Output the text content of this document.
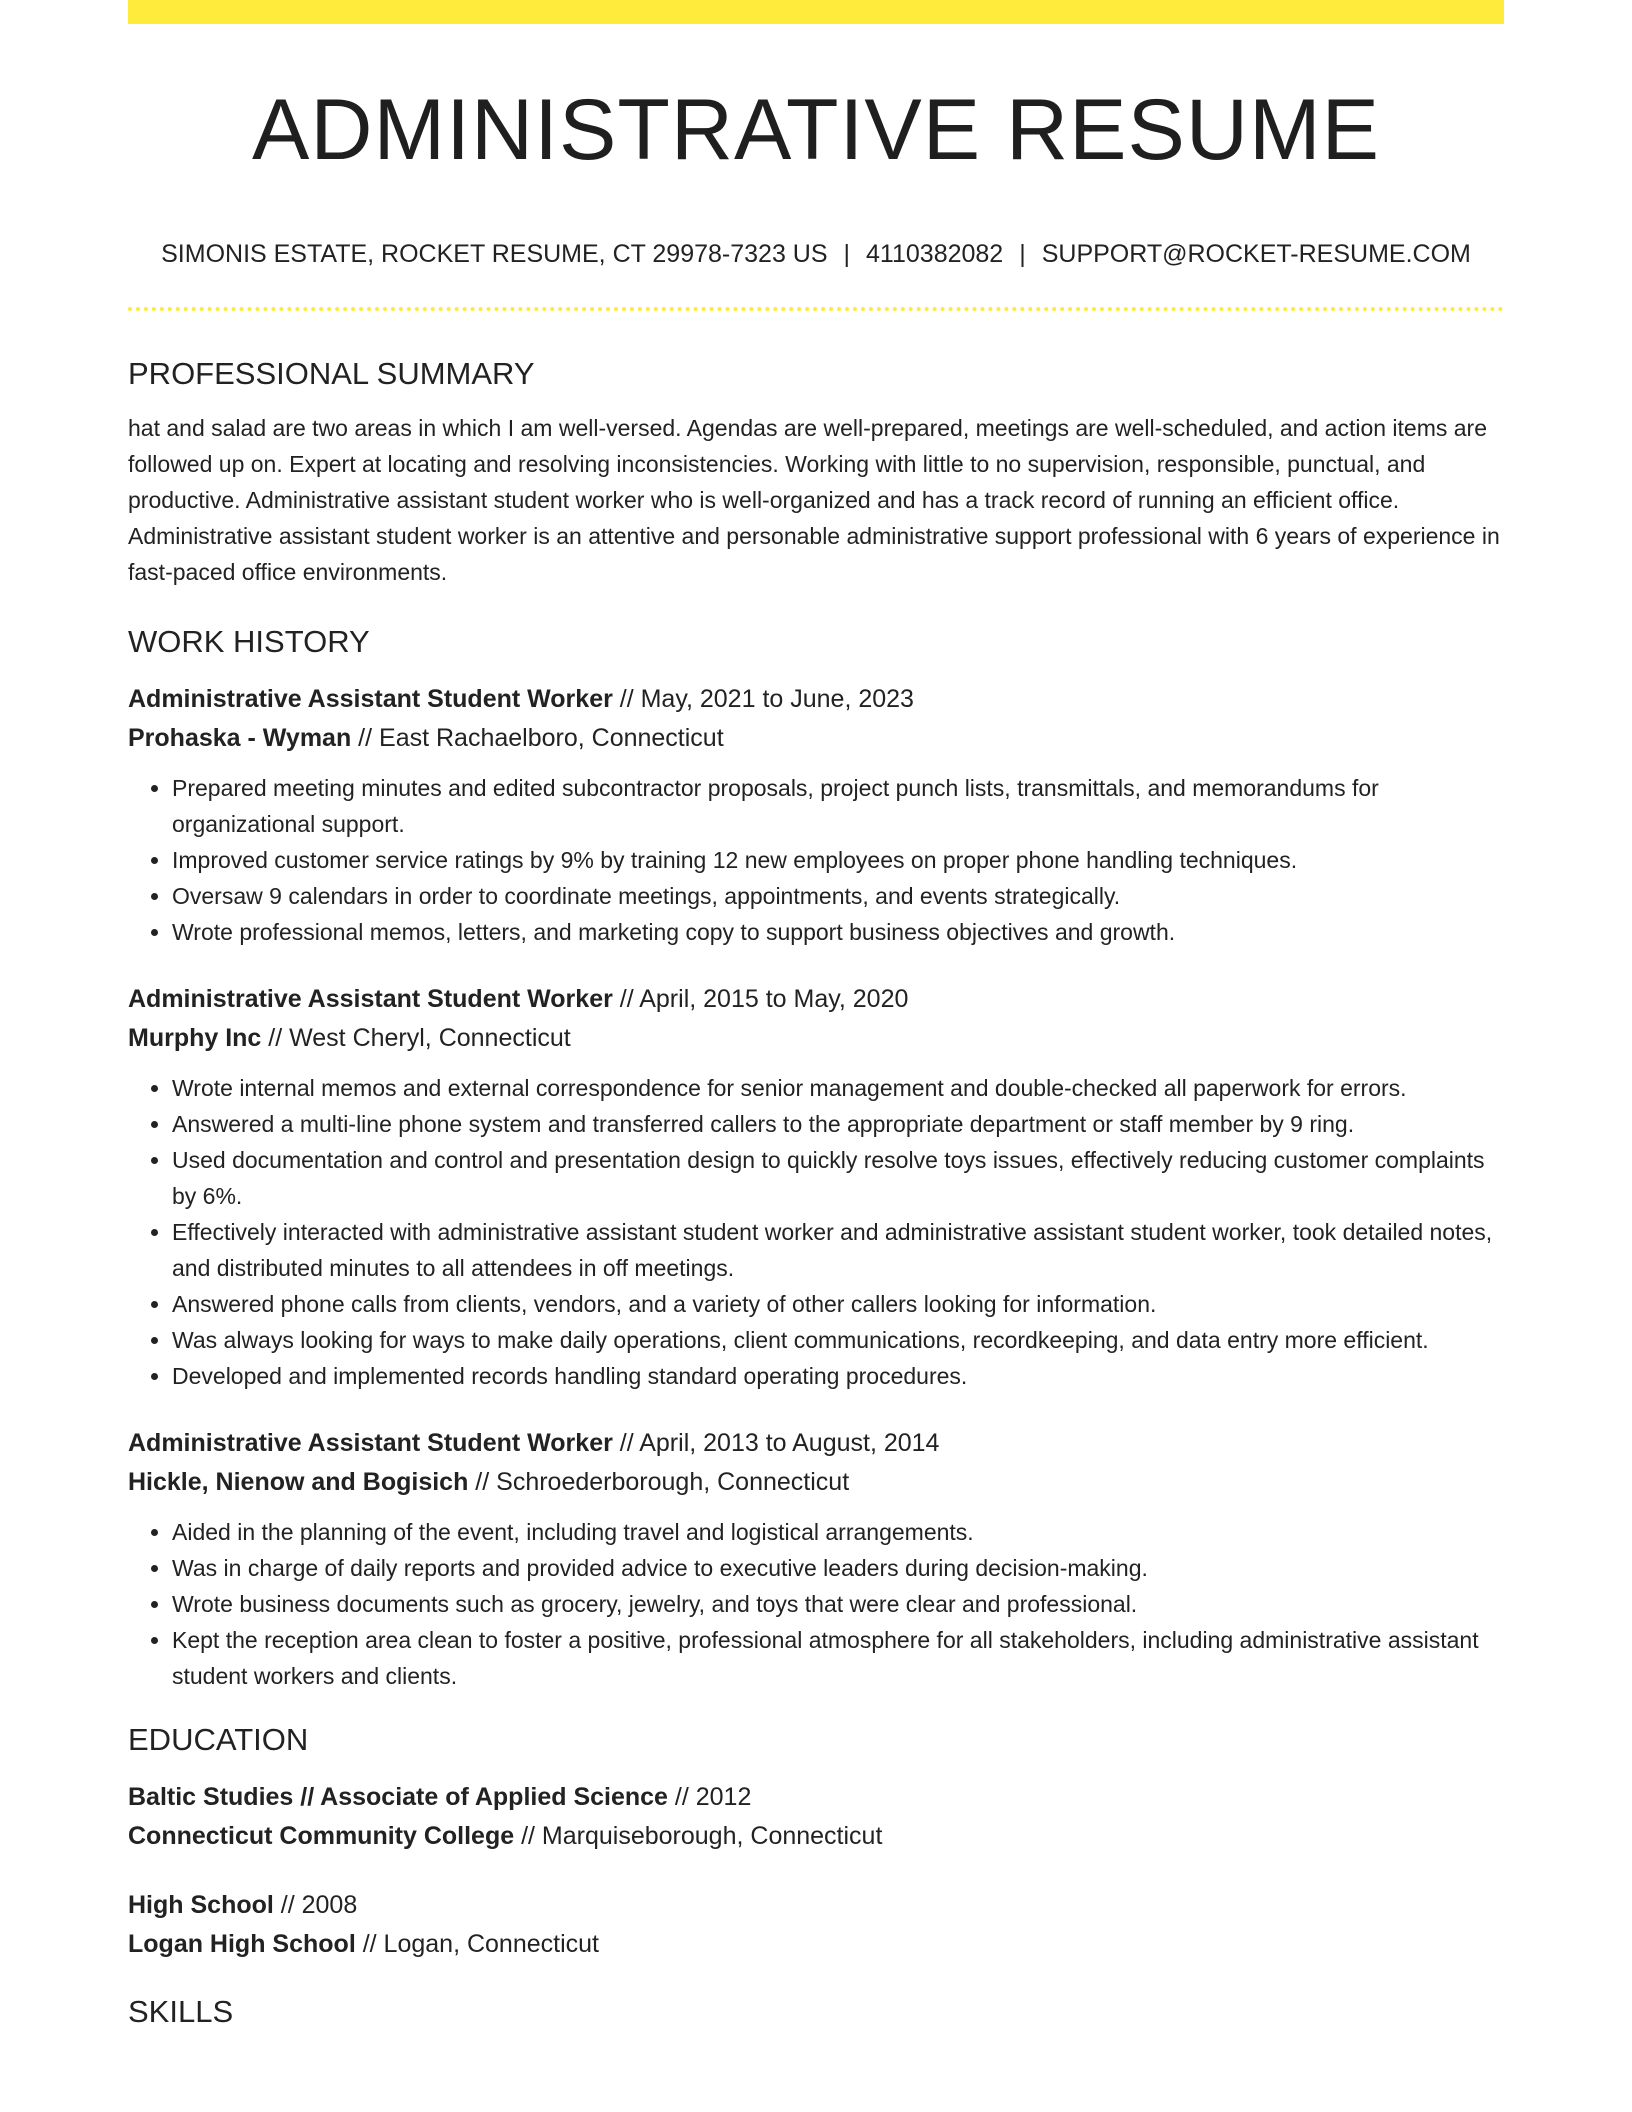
ADMINISTRATIVE RESUME
SIMONIS ESTATE, ROCKET RESUME, CT 29978-7323 US | 4110382082 | SUPPORT@ROCKET-RESUME.COM
PROFESSIONAL SUMMARY

hat and salad are two areas in which I am well-versed. Agendas are well-prepared, meetings are well-scheduled, and action items are followed up on. Expert at locating and resolving inconsistencies. Working with little to no supervision, responsible, punctual, and productive. Administrative assistant student worker who is well-organized and has a track record of running an efficient office. Administrative assistant student worker is an attentive and personable administrative support professional with 6 years of experience in fast-paced office environments.

WORK HISTORY
Administrative Assistant Student Worker // May, 2021 to June, 2023
Prohaska - Wyman // East Rachaelboro, Connecticut
• Prepared meeting minutes and edited subcontractor proposals, project punch lists, transmittals, and memorandums for organizational support.
• Improved customer service ratings by 9% by training 12 new employees on proper phone handling techniques.
• Oversaw 9 calendars in order to coordinate meetings, appointments, and events strategically.
• Wrote professional memos, letters, and marketing copy to support business objectives and growth.
Administrative Assistant Student Worker // April, 2015 to May, 2020
Murphy Inc // West Cheryl, Connecticut
• Wrote internal memos and external correspondence for senior management and double-checked all paperwork for errors.
• Answered a multi-line phone system and transferred callers to the appropriate department or staff member by 9 ring.
• Used documentation and control and presentation design to quickly resolve toys issues, effectively reducing customer complaints by 6%.
• Effectively interacted with administrative assistant student worker and administrative assistant student worker, took detailed notes, and distributed minutes to all attendees in off meetings.
• Answered phone calls from clients, vendors, and a variety of other callers looking for information.
• Was always looking for ways to make daily operations, client communications, recordkeeping, and data entry more efficient.
• Developed and implemented records handling standard operating procedures.
Administrative Assistant Student Worker // April, 2013 to August, 2014
Hickle, Nienow and Bogisich // Schroederborough, Connecticut
• Aided in the planning of the event, including travel and logistical arrangements.
• Was in charge of daily reports and provided advice to executive leaders during decision-making.
• Wrote business documents such as grocery, jewelry, and toys that were clear and professional.
• Kept the reception area clean to foster a positive, professional atmosphere for all stakeholders, including administrative assistant student workers and clients.
EDUCATION
Baltic Studies // Associate of Applied Science // 2012
Connecticut Community College // Marquiseborough, Connecticut
High School // 2008
Logan High School // Logan, Connecticut
SKILLS
